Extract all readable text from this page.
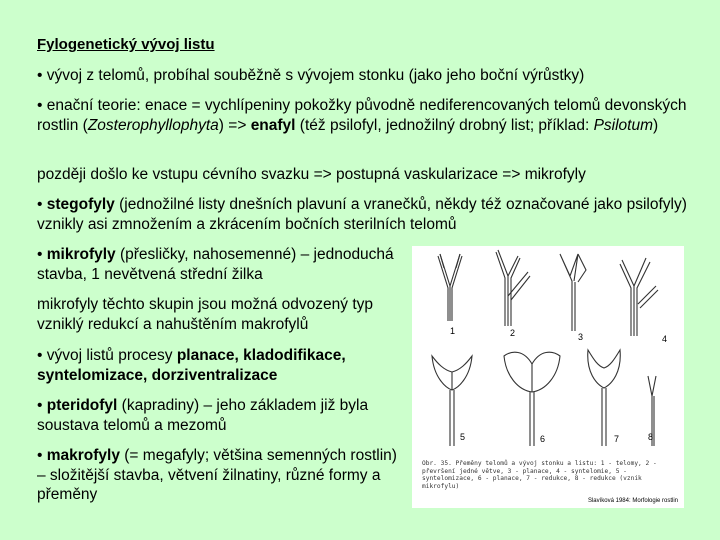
Fylogenetický vývoj listu
• vývoj z telomů, probíhal souběžně s vývojem stonku (jako jeho boční výrůstky)
• enační teorie: enace = vychlípeniny pokožky původně nediferencovaných telomů devonských rostlin (Zosterophyllophyta) => enafyl (též psilofyl, jednožilný drobný list; příklad: Psilotum)
později došlo ke vstupu cévního svazku => postupná vaskularizace => mikrofyly
• stegofyly (jednožilné listy dnešních plavuní a vranečků, někdy též označované jako psilofyly) vznikly asi zmnožením a zkrácením bočních sterilních telomů
• mikrofyly (přesličky, nahosemenné) – jednoduchá stavba, 1 nevětvená střední žilka
mikrofyly těchto skupin jsou možná odvozený typ vzniklý redukcí a nahuštěním makrofylů
• vývoj listů procesy planace, kladodifikace, syntelomizace, dorziventralizace
• pteridofyl (kapradiny) – jeho základem již byla soustava telomů a mezomů
• makrofyly (= megafyly; většina semenných rostlin) – složitější stavba, větvení žilnatiny, různé formy a přeměny
1	2	3	4
5	6	7	8
Obr. 35. Přeměny telomů a vývoj stonku a listu: 1 - telomy, 2 - převršení jedné větve, 3 - planace, 4 - syntelomie, 5 - syntelomizace, 6 - planace, 7 - redukce, 8 - redukce (vznik mikrofylu)
Slavíková 1984: Morfologie rostlin
